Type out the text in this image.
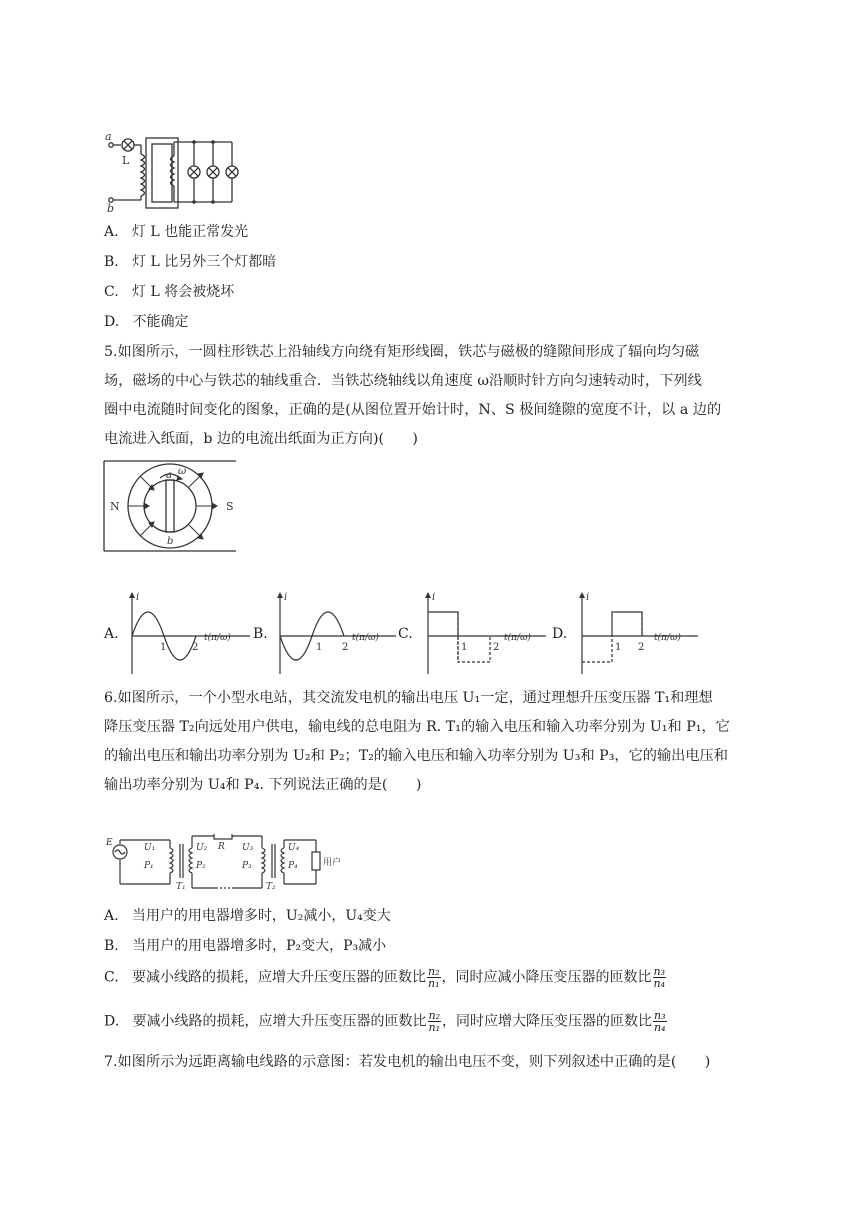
a
L
b
A. 灯 L 也能正常发光
B. 灯 L 比另外三个灯都暗
C. 灯 L 将会被烧坏
D. 不能确定
5.如图所示，一圆柱形铁芯上沿轴线方向绕有矩形线圈，铁芯与磁极的缝隙间形成了辐向均匀磁
场，磁场的中心与铁芯的轴线重合．当铁芯绕轴线以角速度 ω沿顺时针方向匀速转动时，下列线
圈中电流随时间变化的图象，正确的是(从图位置开始计时，N、S 极间缝隙的宽度不计，以 a 边的
电流进入纸面，b 边的电流出纸面为正方向)(　　)
N	S
a ω
b
A.
i
1	2
t(π/ω) B.
i
1 2
t(π/ω) C.
i
1	2
t(π/ω) D.
i
1 2
t(π/ω)
6.如图所示，一个小型水电站，其交流发电机的输出电压 U₁一定，通过理想升压变压器 T₁和理想
降压变压器 T₂向远处用户供电，输电线的总电阻为 R. T₁的输入电压和输入功率分别为 U₁和 P₁，它
的输出电压和输出功率分别为 U₂和 P₂；T₂的输入电压和输入功率分别为 U₃和 P₃，它的输出电压和
输出功率分别为 U₄和 P₄. 下列说法正确的是(　　)
E	U₁
P₁
U₂
P₂
R U₃
P₃
U₄
P₄
T₁	T₂
用户
A. 当用户的用电器增多时，U₂减小，U₄变大
B. 当用户的用电器增多时，P₂变大，P₃减小
C. 要减小线路的损耗，应增大升压变压器的匝数比 $\frac{\text{n₂}}{\text{n₁}}$ ，同时应减小降压变压器的匝数比 $\frac{\text{n₃}}{\text{n₄}}$
D. 要减小线路的损耗，应增大升压变压器的匝数比 $\frac{\text{n₂}}{\text{n₁}}$ ，同时应增大降压变压器的匝数比 $\frac{\text{n₃}}{\text{n₄}}$
7.如图所示为远距离输电线路的示意图：若发电机的输出电压不变，则下列叙述中正确的是(　　)
